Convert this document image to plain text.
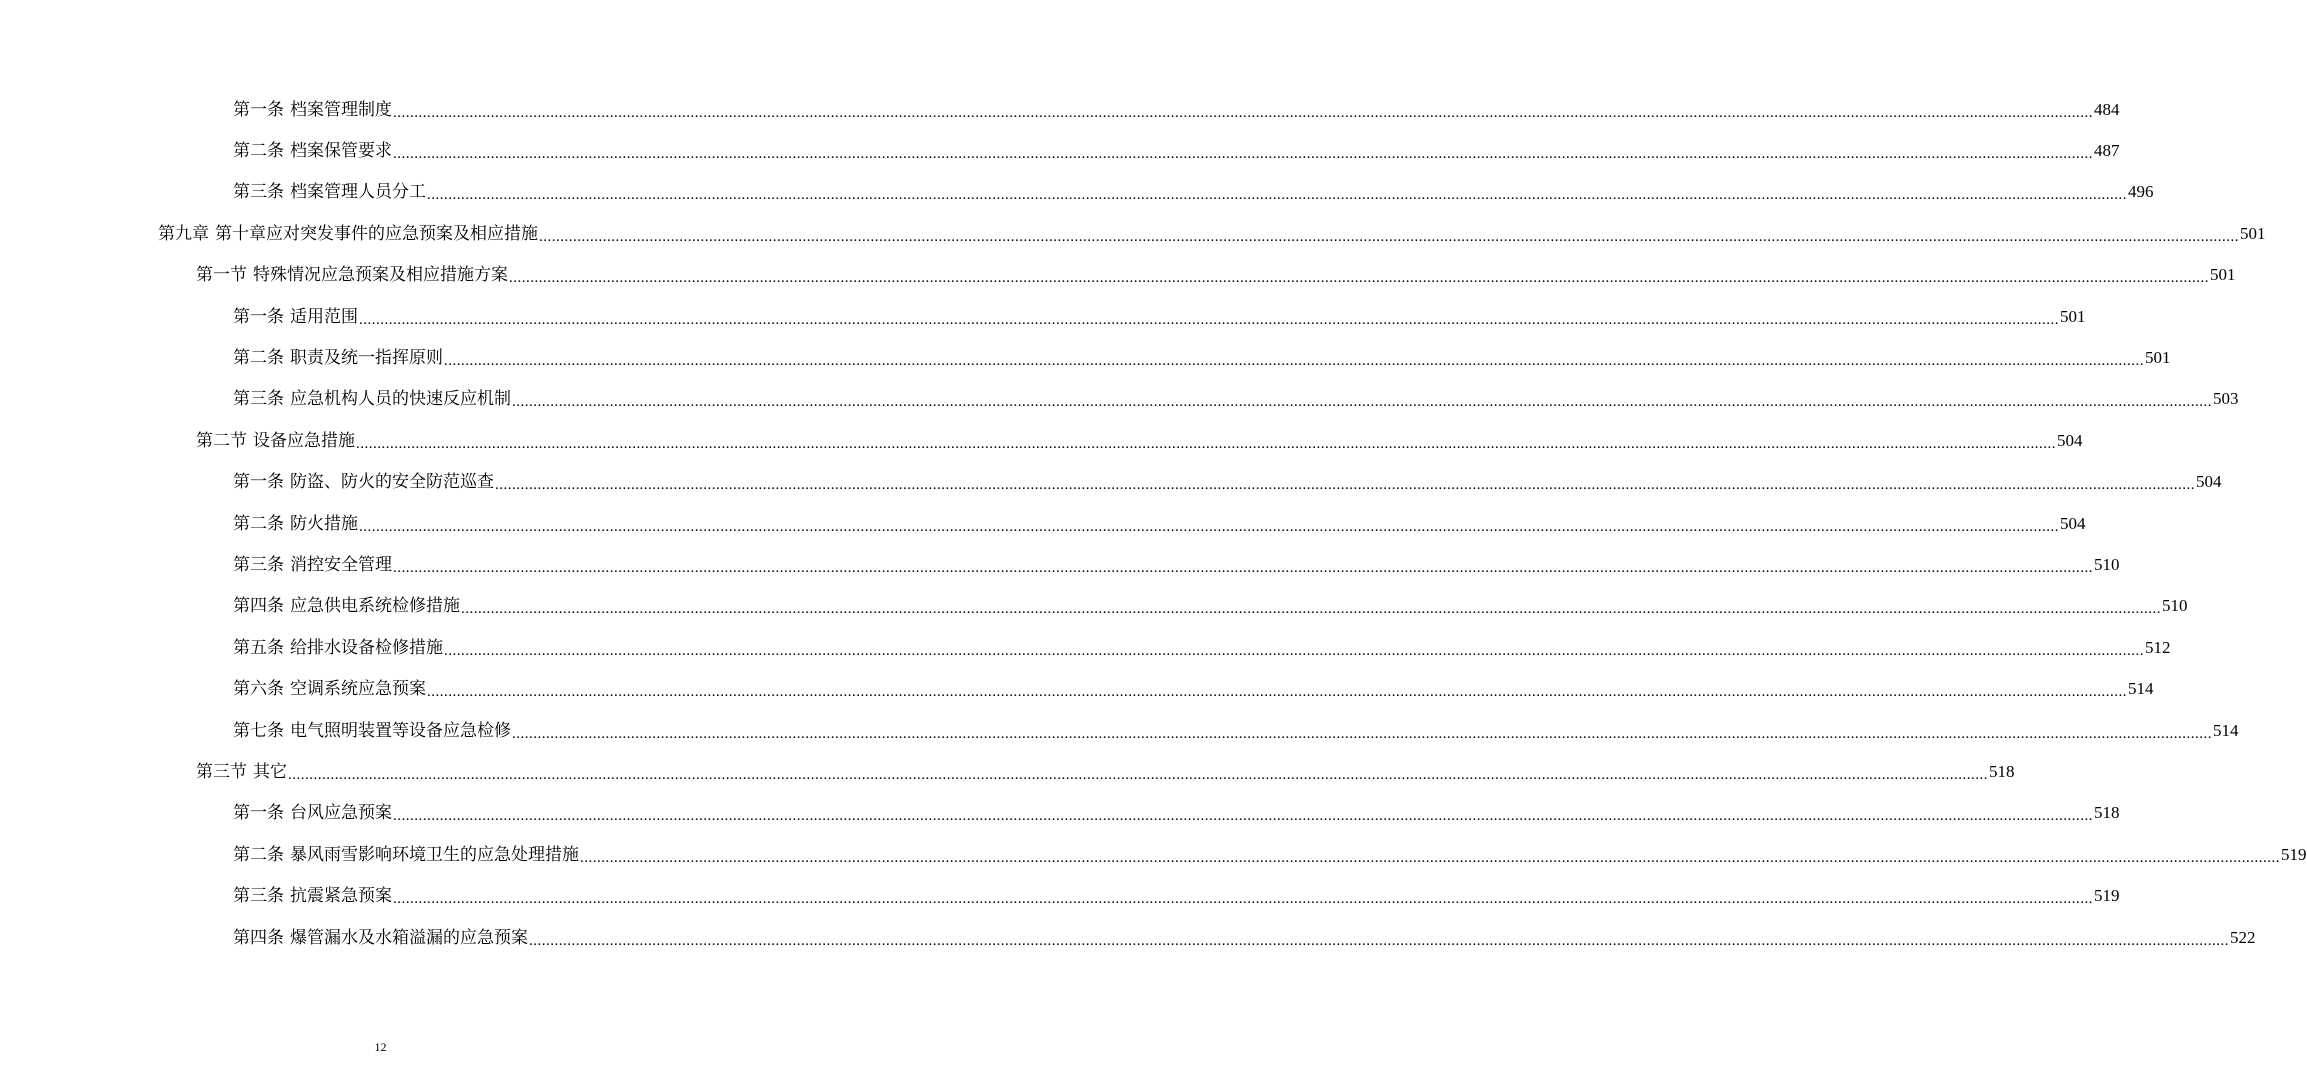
第一条 档案管理制度 ................................................................................................................................................................................................................................................................................................................................................................................................................ 484
第二条 档案保管要求 ................................................................................................................................................................................................................................................................................................................................................................................................................ 487
第三条 档案管理人员分工 ................................................................................................................................................................................................................................................................................................................................................................................................................ 496
第九章 第十章应对突发事件的应急预案及相应措施 ................................................................................................................................................................................................................................................................................................................................................................................................................ 501
第一节 特殊情况应急预案及相应措施方案 ................................................................................................................................................................................................................................................................................................................................................................................................................ 501
第一条 适用范围 ................................................................................................................................................................................................................................................................................................................................................................................................................ 501
第二条 职责及统一指挥原则 ................................................................................................................................................................................................................................................................................................................................................................................................................ 501
第三条 应急机构人员的快速反应机制 ................................................................................................................................................................................................................................................................................................................................................................................................................ 503
第二节 设备应急措施 ................................................................................................................................................................................................................................................................................................................................................................................................................ 504
第一条 防盗、防火的安全防范巡查 ................................................................................................................................................................................................................................................................................................................................................................................................................ 504
第二条 防火措施 ................................................................................................................................................................................................................................................................................................................................................................................................................ 504
第三条 消控安全管理 ................................................................................................................................................................................................................................................................................................................................................................................................................ 510
第四条 应急供电系统检修措施 ................................................................................................................................................................................................................................................................................................................................................................................................................ 510
第五条 给排水设备检修措施 ................................................................................................................................................................................................................................................................................................................................................................................................................ 512
第六条 空调系统应急预案 ................................................................................................................................................................................................................................................................................................................................................................................................................ 514
第七条 电气照明装置等设备应急检修 ................................................................................................................................................................................................................................................................................................................................................................................................................ 514
第三节 其它 ................................................................................................................................................................................................................................................................................................................................................................................................................ 518
第一条 台风应急预案 ................................................................................................................................................................................................................................................................................................................................................................................................................ 518
第二条 暴风雨雪影响环境卫生的应急处理措施 ................................................................................................................................................................................................................................................................................................................................................................................................................ 519
第三条 抗震紧急预案 ................................................................................................................................................................................................................................................................................................................................................................................................................ 519
第四条 爆管漏水及水箱溢漏的应急预案 ................................................................................................................................................................................................................................................................................................................................................................................................................ 522
12
